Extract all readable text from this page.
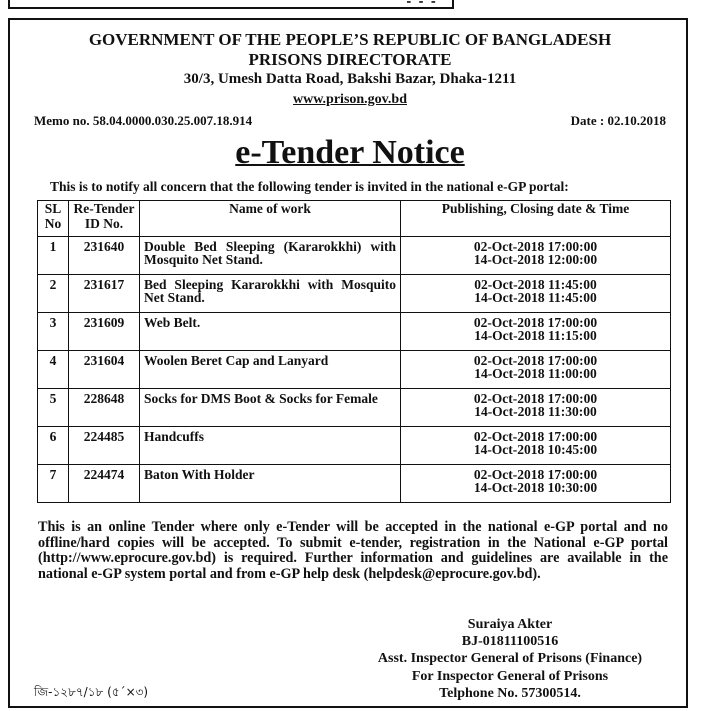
⁃ ⁃ ⁃
GOVERNMENT OF THE PEOPLE’S REPUBLIC OF BANGLADESH
PRISONS DIRECTORATE
30/3, Umesh Datta Road, Bakshi Bazar, Dhaka-1211
www.prison.gov.bd
Memo no. 58.04.0000.030.25.007.18.914	Date : 02.10.2018
e-Tender Notice
This is to notify all concern that the following tender is invited in the national e-GP portal:
SL No	Re-Tender ID No.	Name of work	Publishing, Closing date & Time
1	231640	Double Bed Sleeping (Kararokkhi) with Mosquito Net Stand.	02-Oct-2018 17:00:00
14-Oct-2018 12:00:00

2	231617	Bed Sleeping Kararokkhi with Mosquito Net Stand.	02-Oct-2018 11:45:00
14-Oct-2018 11:45:00

3	231609	Web Belt.	02-Oct-2018 17:00:00
14-Oct-2018 11:15:00

4	231604	Woolen Beret Cap and Lanyard	02-Oct-2018 17:00:00
14-Oct-2018 11:00:00

5	228648	Socks for DMS Boot & Socks for Female	02-Oct-2018 17:00:00
14-Oct-2018 11:30:00

6	224485	Handcuffs	02-Oct-2018 17:00:00
14-Oct-2018 10:45:00

7	224474	Baton With Holder	02-Oct-2018 17:00:00
14-Oct-2018 10:30:00
This is an online Tender where only e-Tender will be accepted in the national e-GP portal and no offline/hard copies will be accepted. To submit e-tender, registration in the National e-GP portal (http://www.eprocure.gov.bd) is required. Further information and guidelines are available in the national e-GP system portal and from e-GP help desk (helpdesk@eprocure.gov.bd).
Suraiya Akter
BJ-01811100516
Asst. Inspector General of Prisons (Finance)
For Inspector General of Prisons
Telphone No. 57300514.
জি-১২৮৭/১৮ (৫´×৩)
